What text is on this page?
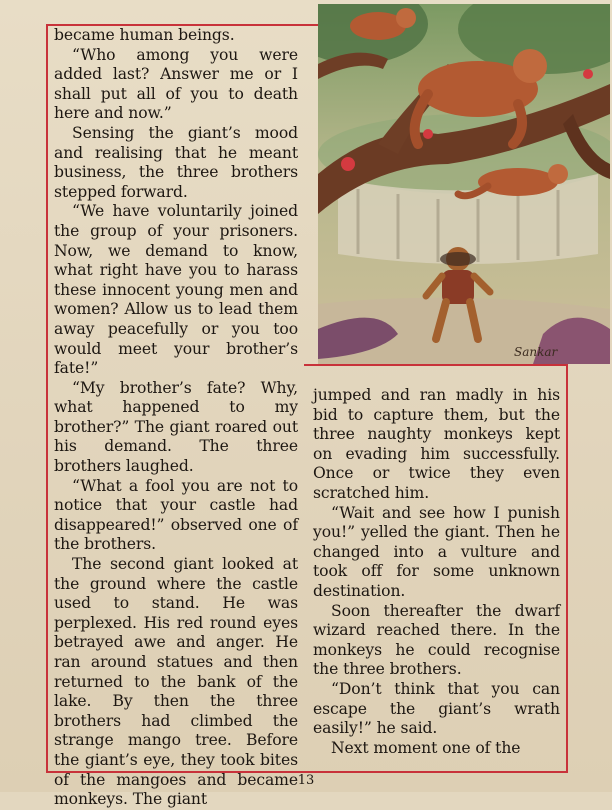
Sankar

became human beings.

“Who among you were added last? Answer me or I shall put all of you to death here and now.”

Sensing the giant’s mood and realising that he meant business, the three brothers stepped forward.

“We have voluntarily joined the group of your prisoners. Now, we demand to know, what right have you to harass these innocent young men and women? Allow us to lead them away peacefully or you too would meet your brother’s fate!”

“My brother’s fate? Why, what happened to my brother?” The giant roared out his demand. The three brothers laughed.

“What a fool you are not to notice that your castle had disappeared!” observed one of the brothers.

The second giant looked at the ground where the castle used to stand. He was perplexed. His red round eyes betrayed awe and anger. He ran around statues and then returned to the bank of the lake. By then the three brothers had climbed the strange mango tree. Before the giant’s eye, they took bites of the mangoes and became monkeys. The giant

jumped and ran madly in his bid to capture them, but the three naughty monkeys kept on evading him successfully. Once or twice they even scratched him.

“Wait and see how I punish you!” yelled the giant. Then he changed into a vulture and took off for some unknown destination.

Soon thereafter the dwarf wizard reached there. In the monkeys he could recognise the three brothers.

“Don’t think that you can escape the giant’s wrath easily!” he said.

Next moment one of the

13
